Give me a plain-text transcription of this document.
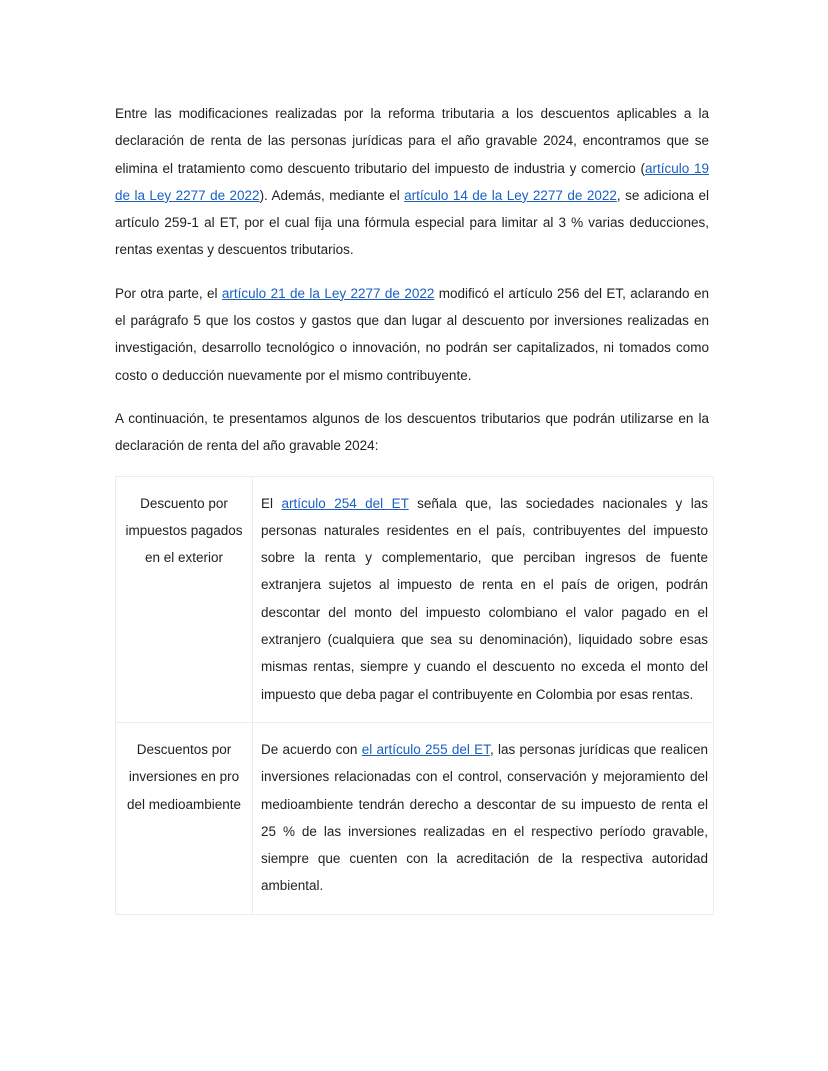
Entre las modificaciones realizadas por la reforma tributaria a los descuentos aplicables a la declaración de renta de las personas jurídicas para el año gravable 2024, encontramos que se elimina el tratamiento como descuento tributario del impuesto de industria y comercio (artículo 19 de la Ley 2277 de 2022). Además, mediante el artículo 14 de la Ley 2277 de 2022, se adiciona el artículo 259-1 al ET, por el cual fija una fórmula especial para limitar al 3 % varias deducciones, rentas exentas y descuentos tributarios.

Por otra parte, el artículo 21 de la Ley 2277 de 2022 modificó el artículo 256 del ET, aclarando en el parágrafo 5 que los costos y gastos que dan lugar al descuento por inversiones realizadas en investigación, desarrollo tecnológico o innovación, no podrán ser capitalizados, ni tomados como costo o deducción nuevamente por el mismo contribuyente.

A continuación, te presentamos algunos de los descuentos tributarios que podrán utilizarse en la declaración de renta del año gravable 2024:

Descuento por impuestos pagados en el exterior	El artículo 254 del ET señala que, las sociedades nacionales y las personas naturales residentes en el país, contribuyentes del impuesto sobre la renta y complementario, que perciban ingresos de fuente extranjera sujetos al impuesto de renta en el país de origen, podrán descontar del monto del impuesto colombiano el valor pagado en el extranjero (cualquiera que sea su denominación), liquidado sobre esas mismas rentas, siempre y cuando el descuento no exceda el monto del impuesto que deba pagar el contribuyente en Colombia por esas rentas.
Descuentos por inversiones en pro del medioambiente	De acuerdo con el artículo 255 del ET, las personas jurídicas que realicen inversiones relacionadas con el control, conservación y mejoramiento del medioambiente tendrán derecho a descontar de su impuesto de renta el 25 % de las inversiones realizadas en el respectivo período gravable, siempre que cuenten con la acreditación de la respectiva autoridad ambiental.
